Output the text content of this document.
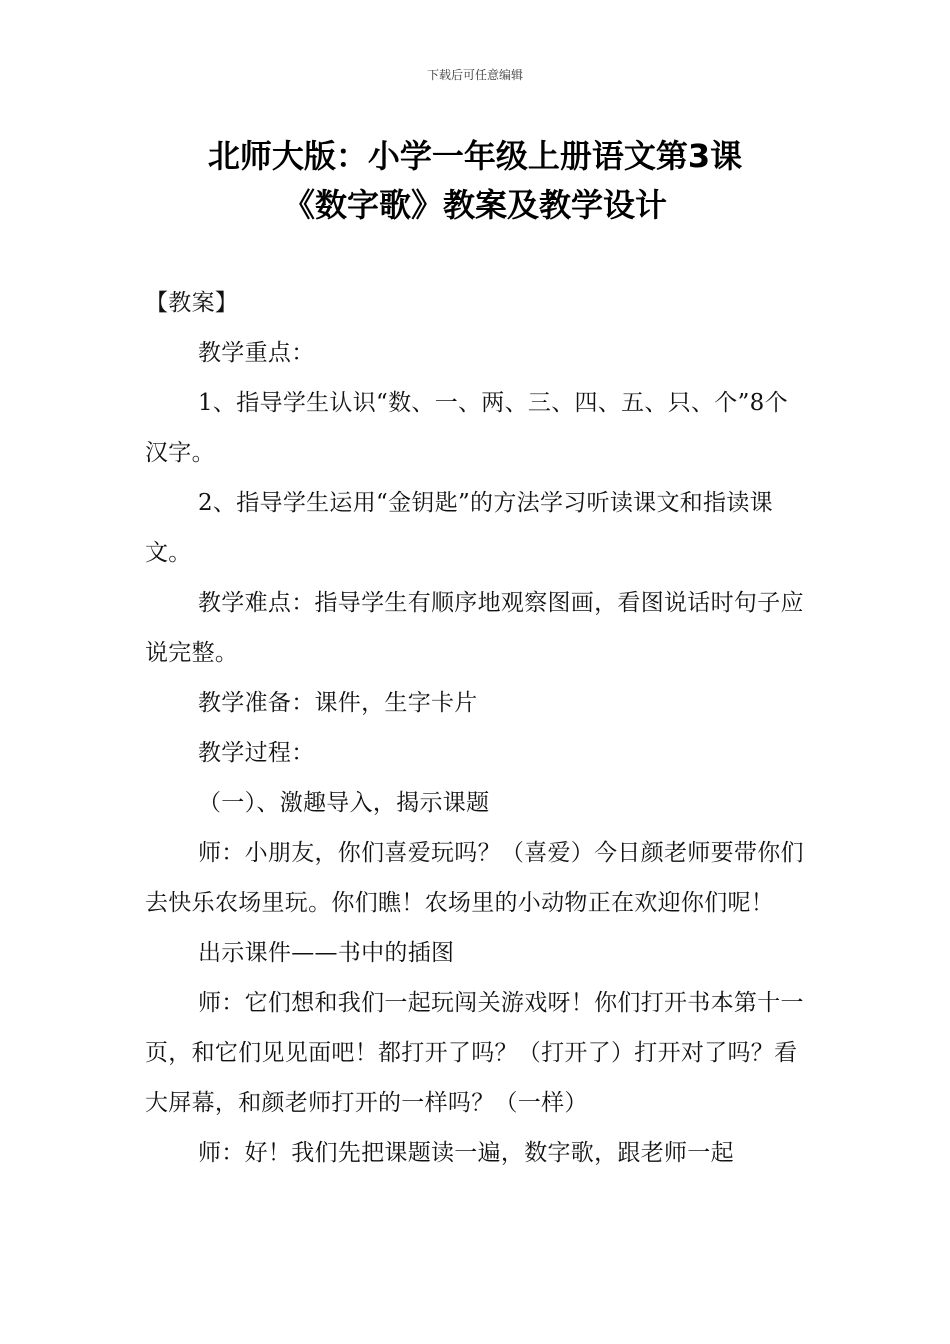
下载后可任意编辑
北师大版：小学一年级上册语文第3课
《数字歌》教案及教学设计

【教案】

教学重点：

1、指导学生认识“数、一、两、三、四、五、只、个”8个汉字。

2、指导学生运用“金钥匙”的方法学习听读课文和指读课文。

教学难点：指导学生有顺序地观察图画，看图说话时句子应说完整。

教学准备：课件，生字卡片

教学过程：

（一）、激趣导入，揭示课题

师：小朋友，你们喜爱玩吗？（喜爱）今日颜老师要带你们去快乐农场里玩。你们瞧！农场里的小动物正在欢迎你们呢！

出示课件——书中的插图

师：它们想和我们一起玩闯关游戏呀！你们打开书本第十一页，和它们见见面吧！都打开了吗？（打开了）打开对了吗？看大屏幕，和颜老师打开的一样吗？（一样）

师：好！我们先把课题读一遍，数字歌，跟老师一起
